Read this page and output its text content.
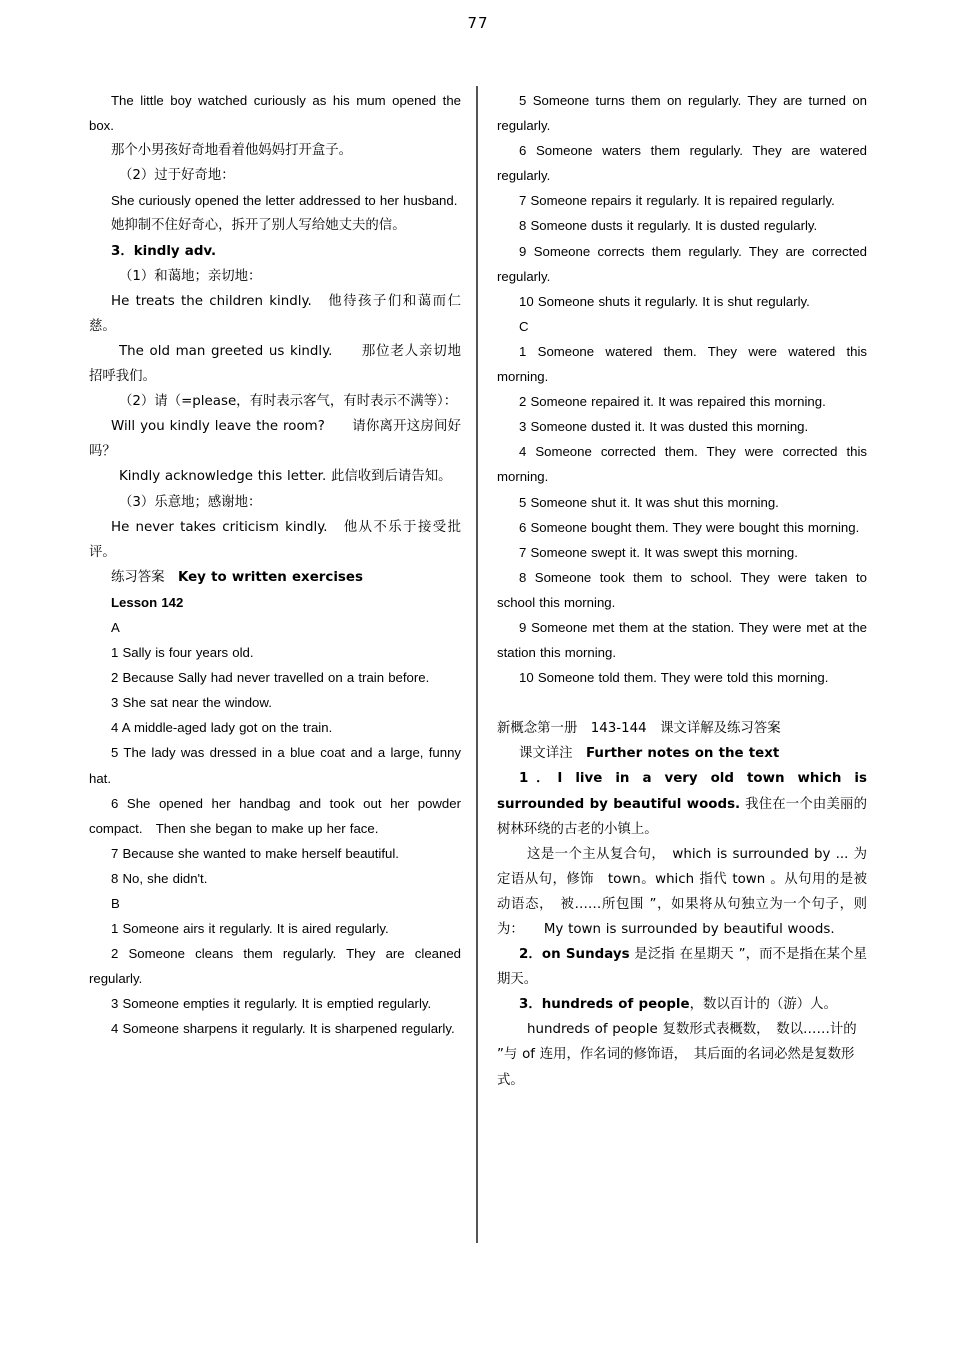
77

The little boy watched curiously as his mum opened the box.

那个小男孩好奇地看着他妈妈打开盒子。

（2）过于好奇地：

She curiously opened the letter addressed to her husband.

她抑制不住好奇心，拆开了别人写给她丈夫的信。

3．kindly adv.

（1）和蔼地；亲切地：

He treats the children kindly.　他待孩子们和蔼而仁慈。

The old man greeted us kindly.　　那位老人亲切地招呼我们。

（2）请（=please，有时表示客气，有时表示不满等）：

Will you kindly leave the room?　　请你离开这房间好吗？

Kindly acknowledge this letter. 此信收到后请告知。

（3）乐意地；感谢地：

He never takes criticism kindly.　他从不乐于接受批评。

练习答案　Key to written exercises

Lesson 142

A

1 Sally is four years old.

2 Because Sally had never travelled on a train before.

3 She sat near the window.

4 A middle-aged lady got on the train.

5 The lady was dressed in a blue coat and a large, funny hat.

6 She opened her handbag and took out her powder compact.　Then she began to make up her face.

7 Because she wanted to make herself beautiful.

8 No, she didn't.

B

1 Someone airs it regularly. It is aired regularly.

2 Someone cleans them regularly. They are cleaned regularly.

3 Someone empties it regularly. It is emptied regularly.

4 Someone sharpens it regularly. It is sharpened regularly.

5 Someone turns them on regularly. They are turned on regularly.

6 Someone waters them regularly. They are watered regularly.

7 Someone repairs it regularly. It is repaired regularly.

8 Someone dusts it regularly. It is dusted regularly.

9 Someone corrects them regularly. They are corrected regularly.

10 Someone shuts it regularly. It is shut regularly.

C

1 Someone watered them. They were watered this morning.

2 Someone repaired it. It was repaired this morning.

3 Someone dusted it. It was dusted this morning.

4 Someone corrected them. They were corrected this morning.

5 Someone shut it. It was shut this morning.

6 Someone bought them. They were bought this morning.

7 Someone swept it. It was swept this morning.

8 Someone took them to school. They were taken to school this morning.

9 Someone met them at the station. They were met at the station this morning.

10 Someone told them. They were told this morning.

新概念第一册　143-144　课文详解及练习答案

课文详注　Further notes on the text

1．I live in a very old town which is surrounded by beautiful woods. 我住在一个由美丽的树林环绕的古老的小镇上。

这是一个主从复合句，　which is surrounded by ... 为定语从句，修饰　town。which 指代 town 。从句用的是被动语态，　被……所包围 ”，如果将从句独立为一个句子，则为：　　My town is surrounded by beautiful woods.

2．on Sundays 是泛指 在星期天 ”，而不是指在某个星期天。

3．hundreds of people，数以百计的（游）人。

hundreds of people 复数形式表概数，　数以……计的 ”与 of 连用，作名词的修饰语，　其后面的名词必然是复数形式。
